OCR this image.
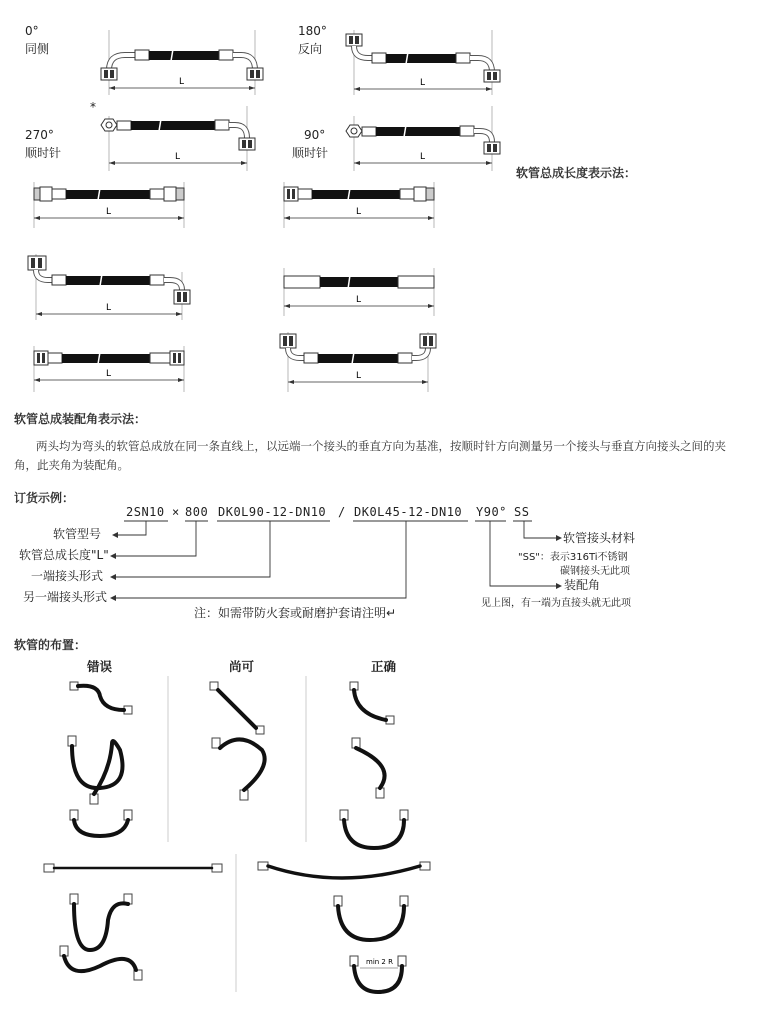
0°
同侧
180°
反向
*
270°
顺时针
90°
顺时针
L	L
L	L
软管总成长度表示法：
L	L
L
L
L	L
软管总成装配角表示法：
两头均为弯头的软管总成放在同一条直线上，以远端一个接头的垂直方向为基准，按顺时针方向测量另一个接头与垂直方向接头之间的夹角，此夹角为装配角。
订货示例：
2SN10 × 800 DK0L90-12-DN10 / DK0L45-12-DN10 Y90° SS
软管型号
软管总成长度"L"
一端接头形式
另一端接头形式
软管接头材料
"SS"：表示316Ti不锈钢
碳钢接头无此项
装配角
见上图，有一端为直接头就无此项
注：如需带防火套或耐磨护套请注明↵
软管的布置：
错误	尚可	正确
min 2 R
